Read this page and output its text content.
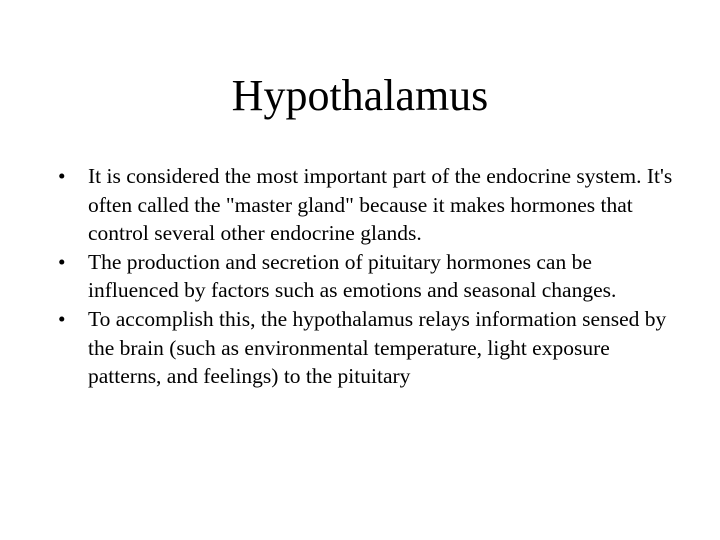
Hypothalamus
•	It is considered the most important part of the endocrine system. It's often called the "master gland" because it makes hormones that control several other endocrine glands.
•	The production and secretion of pituitary hormones can be influenced by factors such as emotions and seasonal changes.
•	To accomplish this, the hypothalamus relays information sensed by the brain (such as environmental temperature, light exposure patterns, and feelings) to the pituitary
